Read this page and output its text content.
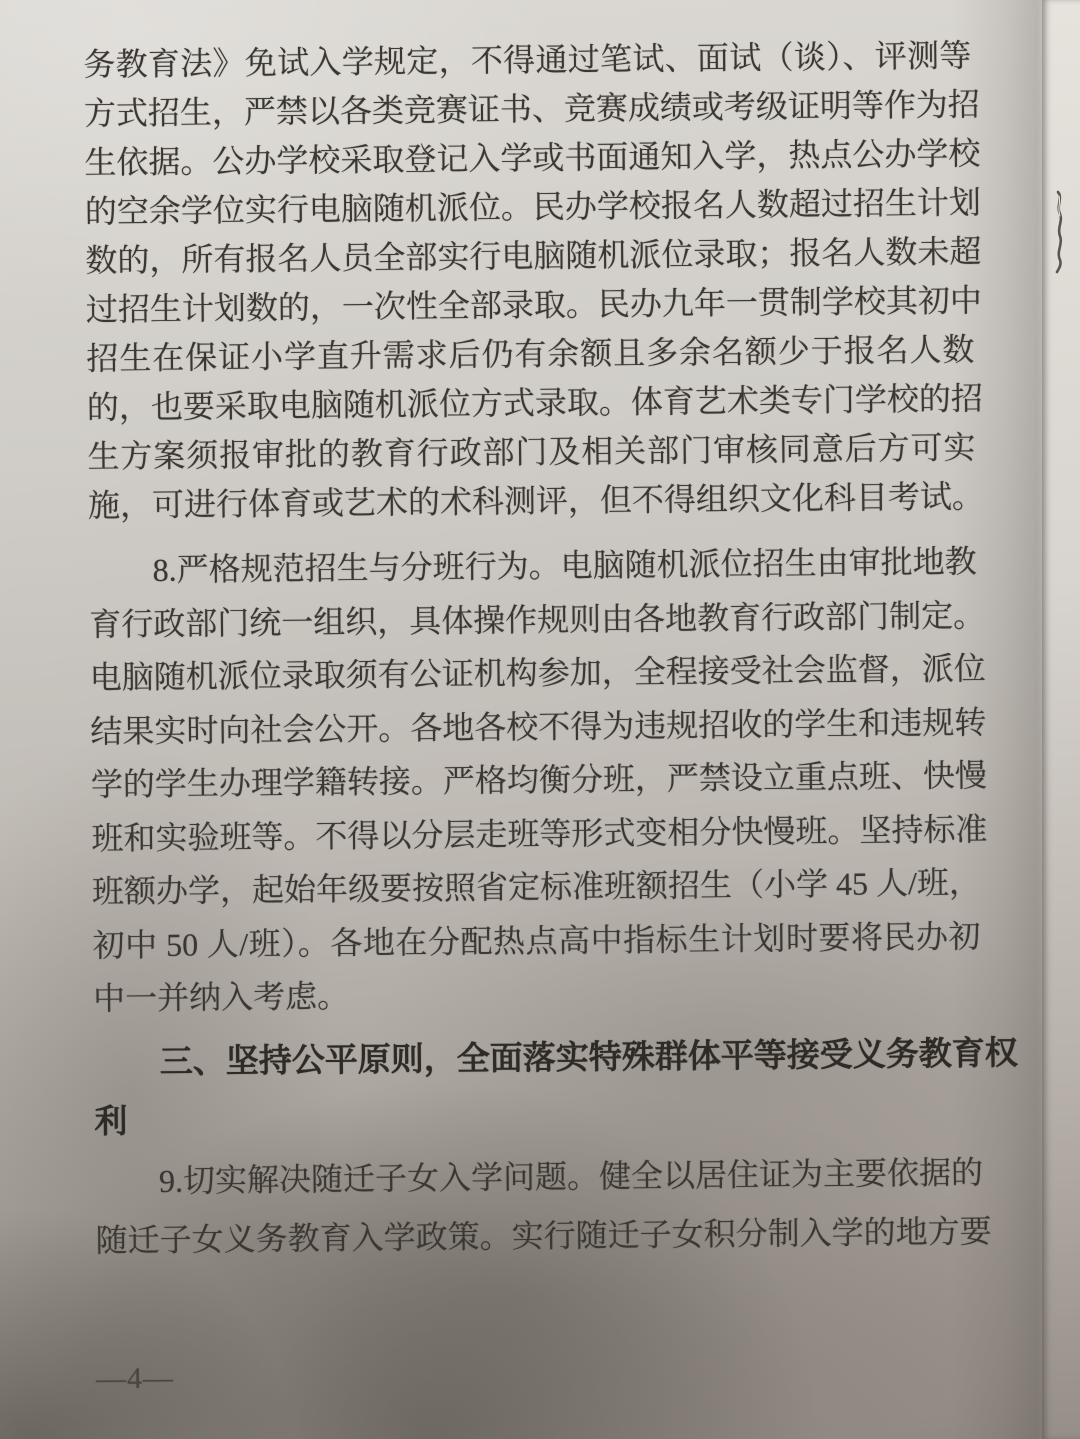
务教育法》免试入学规定，不得通过笔试、面试（谈）、评测等
方式招生，严禁以各类竞赛证书、竞赛成绩或考级证明等作为招
生依据。公办学校采取登记入学或书面通知入学，热点公办学校
的空余学位实行电脑随机派位。民办学校报名人数超过招生计划
数的，所有报名人员全部实行电脑随机派位录取；报名人数未超
过招生计划数的，一次性全部录取。民办九年一贯制学校其初中
招生在保证小学直升需求后仍有余额且多余名额少于报名人数
的，也要采取电脑随机派位方式录取。体育艺术类专门学校的招
生方案须报审批的教育行政部门及相关部门审核同意后方可实
施，可进行体育或艺术的术科测评，但不得组织文化科目考试。
8.严格规范招生与分班行为。电脑随机派位招生由审批地教
育行政部门统一组织，具体操作规则由各地教育行政部门制定。
电脑随机派位录取须有公证机构参加，全程接受社会监督，派位
结果实时向社会公开。各地各校不得为违规招收的学生和违规转
学的学生办理学籍转接。严格均衡分班，严禁设立重点班、快慢
班和实验班等。不得以分层走班等形式变相分快慢班。坚持标准
班额办学，起始年级要按照省定标准班额招生（小学 45 人/班，
初中 50 人/班）。各地在分配热点高中指标生计划时要将民办初
中一并纳入考虑。
三、坚持公平原则，全面落实特殊群体平等接受义务教育权
利
9.切实解决随迁子女入学问题。健全以居住证为主要依据的
随迁子女义务教育入学政策。实行随迁子女积分制入学的地方要
—4—
